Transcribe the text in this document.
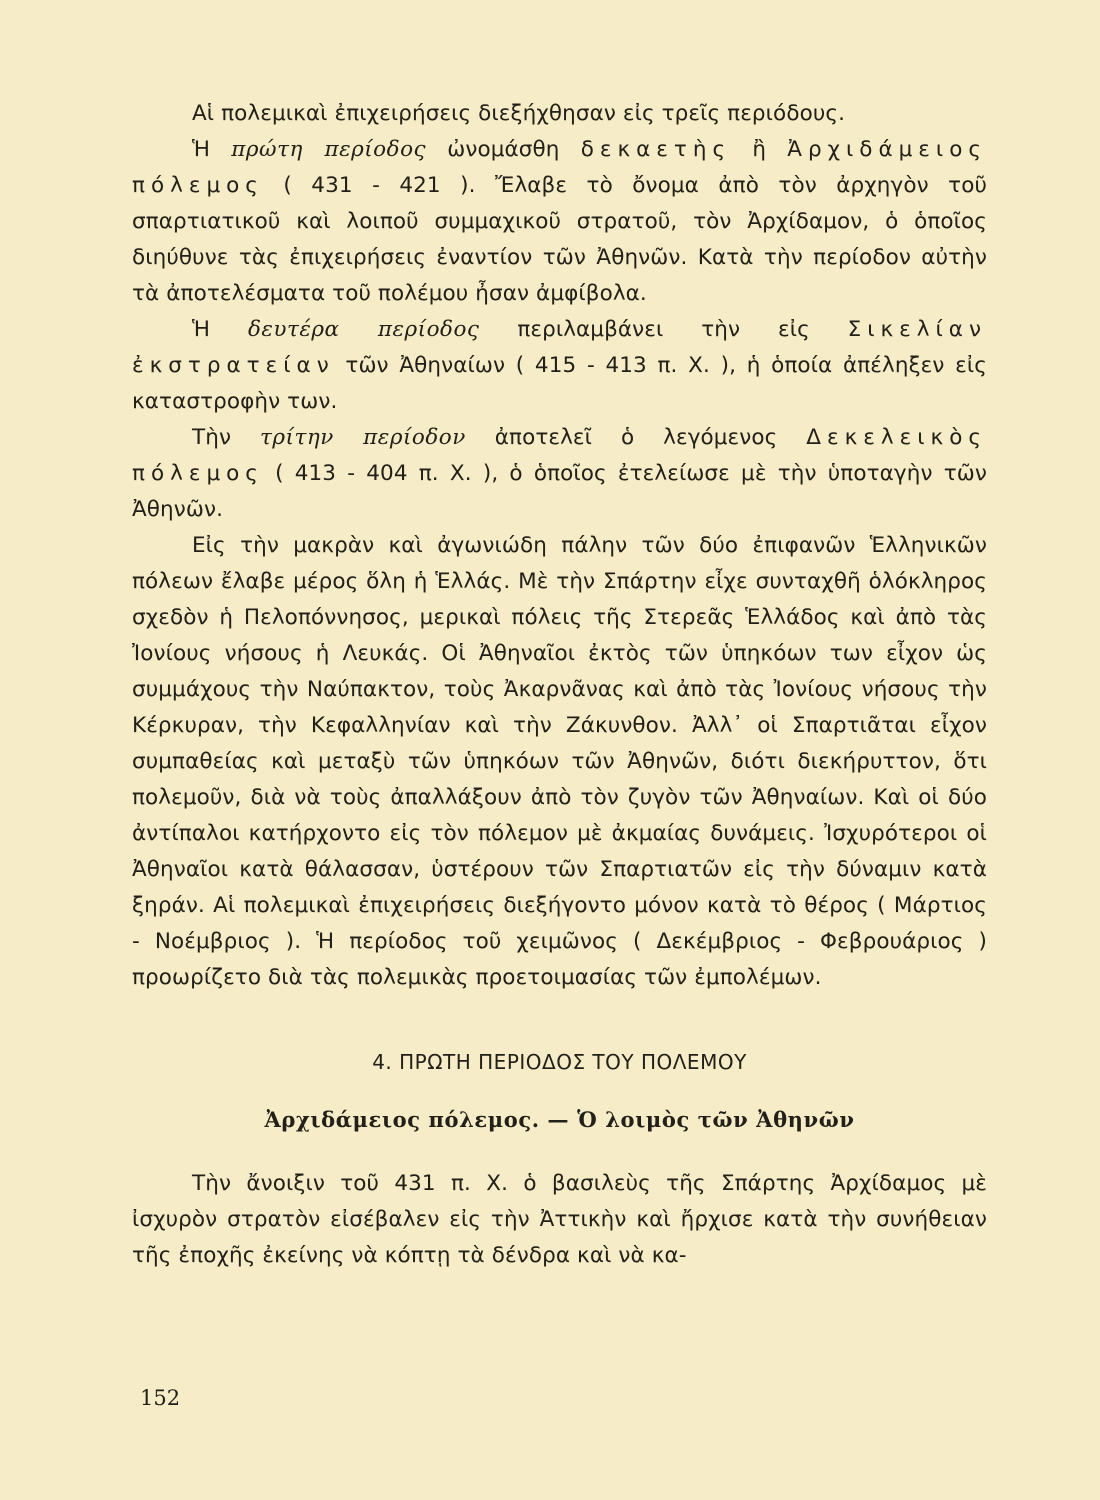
Αἱ πολεμικαὶ ἐπιχειρήσεις διεξήχθησαν εἰς τρεῖς περιόδους.

Ἡ πρώτη περίοδος ὠνομάσθη δεκαετὴς ἢ Ἀρχιδάμειος πόλεμος ( 431 - 421 ). Ἔλαβε τὸ ὄνομα ἀπὸ τὸν ἀρχηγὸν τοῦ σπαρτιατικοῦ καὶ λοιποῦ συμμαχικοῦ στρατοῦ, τὸν Ἀρχίδαμον, ὁ ὁποῖος διηύθυνε τὰς ἐπιχειρήσεις ἐναντίον τῶν Ἀθηνῶν. Κατὰ τὴν περίοδον αὐτὴν τὰ ἀποτελέσματα τοῦ πολέμου ἦσαν ἀμφίβολα.

Ἡ δευτέρα περίοδος περιλαμβάνει τὴν εἰς Σικελίαν ἐκστρατείαν τῶν Ἀθηναίων ( 415 - 413 π. Χ. ), ἡ ὁποία ἀπέληξεν εἰς καταστροφὴν των.

Τὴν τρίτην περίοδον ἀποτελεῖ ὁ λεγόμενος Δεκελεικὸς πόλεμος ( 413 - 404 π. Χ. ), ὁ ὁποῖος ἐτελείωσε μὲ τὴν ὑποταγὴν τῶν Ἀθηνῶν.

Εἰς τὴν μακρὰν καὶ ἀγωνιώδη πάλην τῶν δύο ἐπιφανῶν Ἑλληνικῶν πόλεων ἔλαβε μέρος ὅλη ἡ Ἑλλάς. Μὲ τὴν Σπάρτην εἶχε συνταχθῆ ὁλόκληρος σχεδὸν ἡ Πελοπόννησος, μερικαὶ πόλεις τῆς Στερεᾶς Ἑλλάδος καὶ ἀπὸ τὰς Ἰονίους νήσους ἡ Λευκάς. Οἱ Ἀθηναῖοι ἐκτὸς τῶν ὑπηκόων των εἶχον ὡς συμμάχους τὴν Ναύπακτον, τοὺς Ἀκαρνᾶνας καὶ ἀπὸ τὰς Ἰονίους νήσους τὴν Κέρκυραν, τὴν Κεφαλληνίαν καὶ τὴν Ζάκυνθον. Ἀλλ᾿ οἱ Σπαρτιᾶται εἶχον συμπαθείας καὶ μεταξὺ τῶν ὑπηκόων τῶν Ἀθηνῶν, διότι διεκήρυττον, ὅτι πολεμοῦν, διὰ νὰ τοὺς ἀπαλλάξουν ἀπὸ τὸν ζυγὸν τῶν Ἀθηναίων. Καὶ οἱ δύο ἀντίπαλοι κατήρχοντο εἰς τὸν πόλεμον μὲ ἀκμαίας δυνάμεις. Ἰσχυρότεροι οἱ Ἀθηναῖοι κατὰ θάλασσαν, ὑστέρουν τῶν Σπαρτιατῶν εἰς τὴν δύναμιν κατὰ ξηράν. Αἱ πολεμικαὶ ἐπιχειρήσεις διεξήγοντο μόνον κατὰ τὸ θέρος ( Μάρτιος - Νοέμβριος ). Ἡ περίοδος τοῦ χειμῶνος ( Δεκέμβριος - Φεβρουάριος ) προωρίζετο διὰ τὰς πολεμικὰς προετοιμασίας τῶν ἐμπολέμων.

4. ΠΡΩΤΗ ΠΕΡΙΟΔΟΣ ΤΟΥ ΠΟΛΕΜΟΥ
Ἀρχιδάμειος πόλεμος. — Ὁ λοιμὸς τῶν Ἀθηνῶν

Τὴν ἄνοιξιν τοῦ 431 π. Χ. ὁ βασιλεὺς τῆς Σπάρτης Ἀρχίδαμος μὲ ἰσχυρὸν στρατὸν εἰσέβαλεν εἰς τὴν Ἀττικὴν καὶ ἤρχισε κατὰ τὴν συνήθειαν τῆς ἐποχῆς ἐκείνης νὰ κόπτῃ τὰ δένδρα καὶ νὰ κα-

152
